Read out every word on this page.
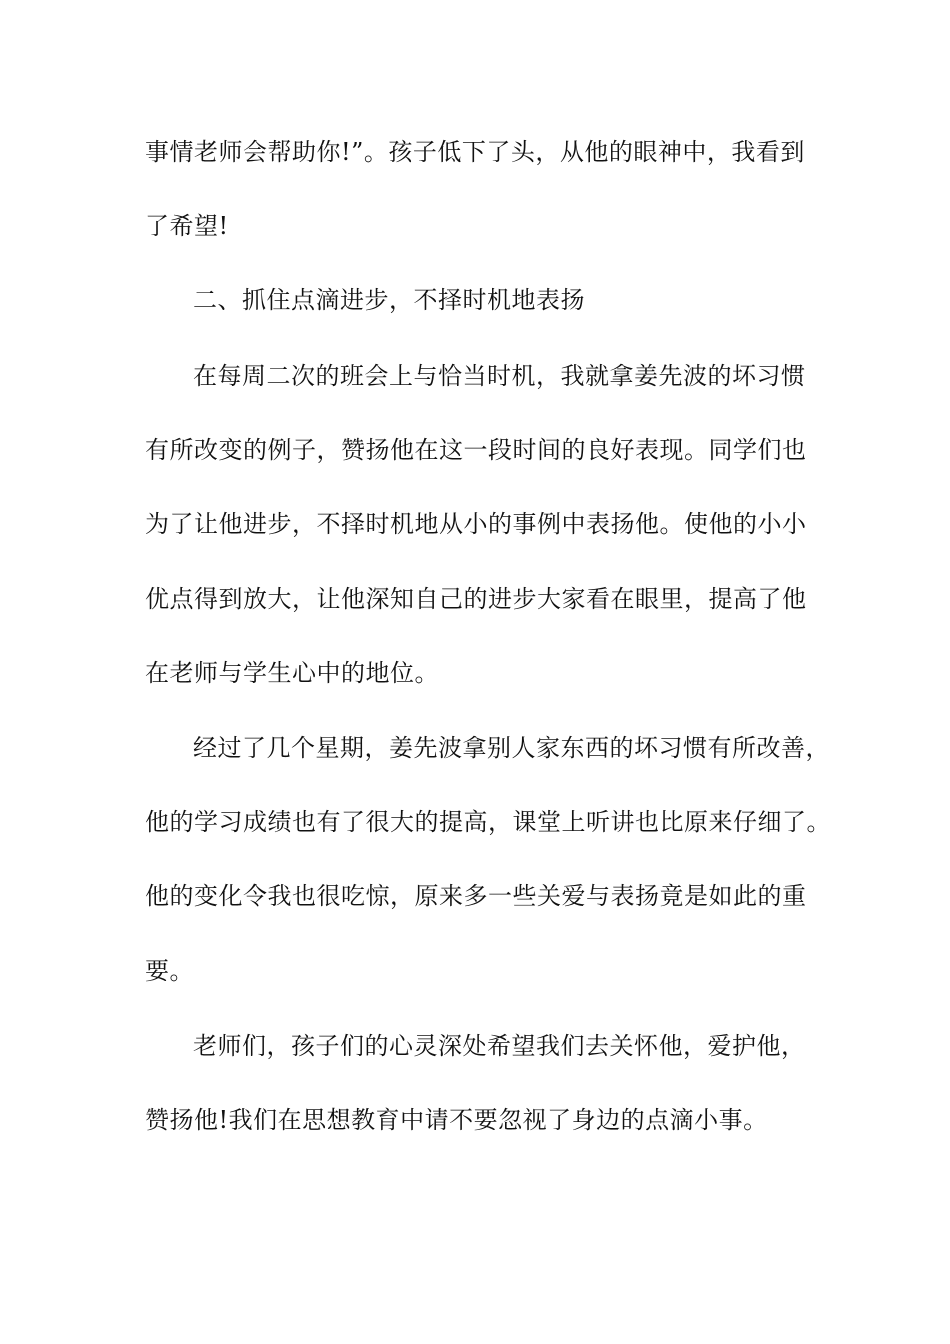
事情老师会帮助你!”。孩子低下了头，从他的眼神中，我看到
了希望!
二、抓住点滴进步，不择时机地表扬
在每周二次的班会上与恰当时机，我就拿姜先波的坏习惯
有所改变的例子，赞扬他在这一段时间的良好表现。同学们也
为了让他进步，不择时机地从小的事例中表扬他。使他的小小
优点得到放大，让他深知自己的进步大家看在眼里，提高了他
在老师与学生心中的地位。
经过了几个星期，姜先波拿别人家东西的坏习惯有所改善，
他的学习成绩也有了很大的提高，课堂上听讲也比原来仔细了。
他的变化令我也很吃惊，原来多一些关爱与表扬竟是如此的重
要。
老师们，孩子们的心灵深处希望我们去关怀他，爱护他，
赞扬他!我们在思想教育中请不要忽视了身边的点滴小事。
